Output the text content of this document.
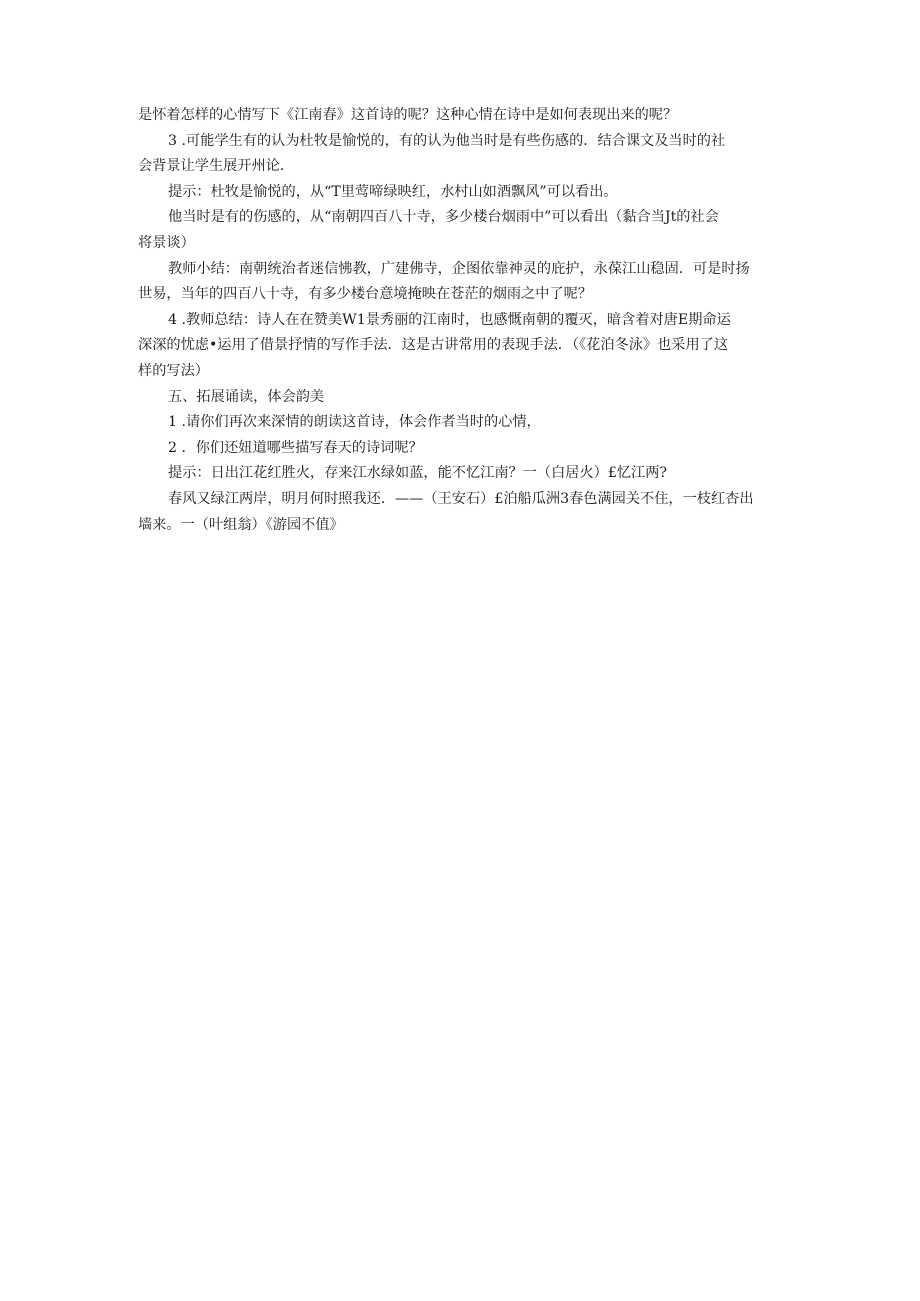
是怀着怎样的心情写下《江南春》这首诗的呢？这种心情在诗中是如何表现出来的呢？
3 .可能学生有的认为杜牧是愉悦的，有的认为他当时是有些伤感的．结合课文及当时的社
会背景让学生展开州论.
提示：杜牧是愉悦的，从“T里莺啼绿映红，水村山如酒飘风”可以看出。
他当时是有的伤感的，从“南朝四百八十寺，多少楼台烟雨中”可以看出（黏合当Jt的社会
将景谈）
教师小结：南朝统治者迷信怫教，广建佛寺，企图依靠神灵的庇护，永葆江山稳固．可是时扬
世易，当年的四百八十寺，有多少楼台意境掩映在苍茫的烟雨之中了呢？
4 .教师总结：诗人在在赞美W1景秀丽的江南时，也感慨南朝的覆灭，暗含着对唐E期命运
深深的忧虑•运用了借景抒情的写作手法．这是古讲常用的表现手法．（《花泊冬泳》也采用了这
样的写法）
五、拓展诵读，体会韵美
1 .请你们再次来深情的朗读这首诗，体会作者当时的心情，
2 ．你们还妞道哪些描写春天的诗词呢？
提示：日出江花红胜火，存来江水绿如蓝，能不忆江南？一（白居火）£忆江两?
春风又绿江两岸，明月何时照我还．——（王安石）£泊船瓜洲3春色满园关不住，一枝红杏出
墙来。一（叶组翁）《游园不值》
